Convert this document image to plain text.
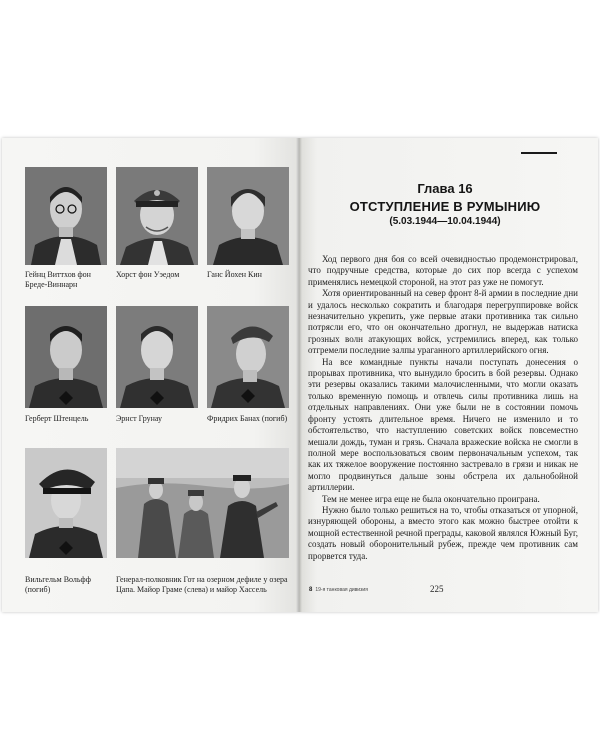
Гейнц Виттхов фон Бреде-Виннарн
Хорст фон Уэедом	Ганс Йохен Кин
Герберт Штенцель	Эрнст Грунау	Фридрих Банах (погиб)
Вильгельм Вольфф (погиб)
Генерал-полковник Гот на озерном дефиле у озера Цапа. Майор Граме (слева) и майор Хассель
Глава 16
ОТСТУПЛЕНИЕ В РУМЫНИЮ
(5.03.1944—10.04.1944)

Ход первого дня боя со всей очевидностью продемонстрировал, что подручные средства, которые до сих пор всегда с успехом применялись немецкой стороной, на этот раз уже не помогут.

Хотя ориентированный на север фронт 8-й армии в последние дни и удалось несколько сократить и благодаря перегруппировке войск незначительно укрепить, уже первые атаки противника так сильно потрясли его, что он окончательно дрогнул, не выдержав натиска грозных волн атакующих войск, устремились вперед, как только отгремели последние залпы ураганного артиллерийского огня.

На все командные пункты начали поступать донесения о прорывах противника, что вынудило бросить в бой резервы. Однако эти резервы оказались такими малочисленными, что могли оказать только временную помощь и отвлечь силы противника лишь на отдельных направлениях. Они уже были не в состоянии помочь фронту устоять длительное время. Ничего не изменило и то обстоятельство, что наступлению советских войск повсеместно мешали дождь, туман и грязь. Сначала вражеские войска не смогли в полной мере воспользоваться своим первоначальным успехом, так как их тяжелое вооружение постоянно застревало в грязи и никак не могло продвинуться дальше зоны обстрела их дальнобойной артиллерии.

Тем не менее игра еще не была окончательно проиграна.

Нужно было только решиться на то, чтобы отказаться от упорной, изнуряющей обороны, а вместо этого как можно быстрее отойти к мощной естественной речной преграды, каковой являлся Южный Буг, создать новый оборонительный рубеж, прежде чем противник сам прорвется туда.

8 19-я танковая дивизия	225
